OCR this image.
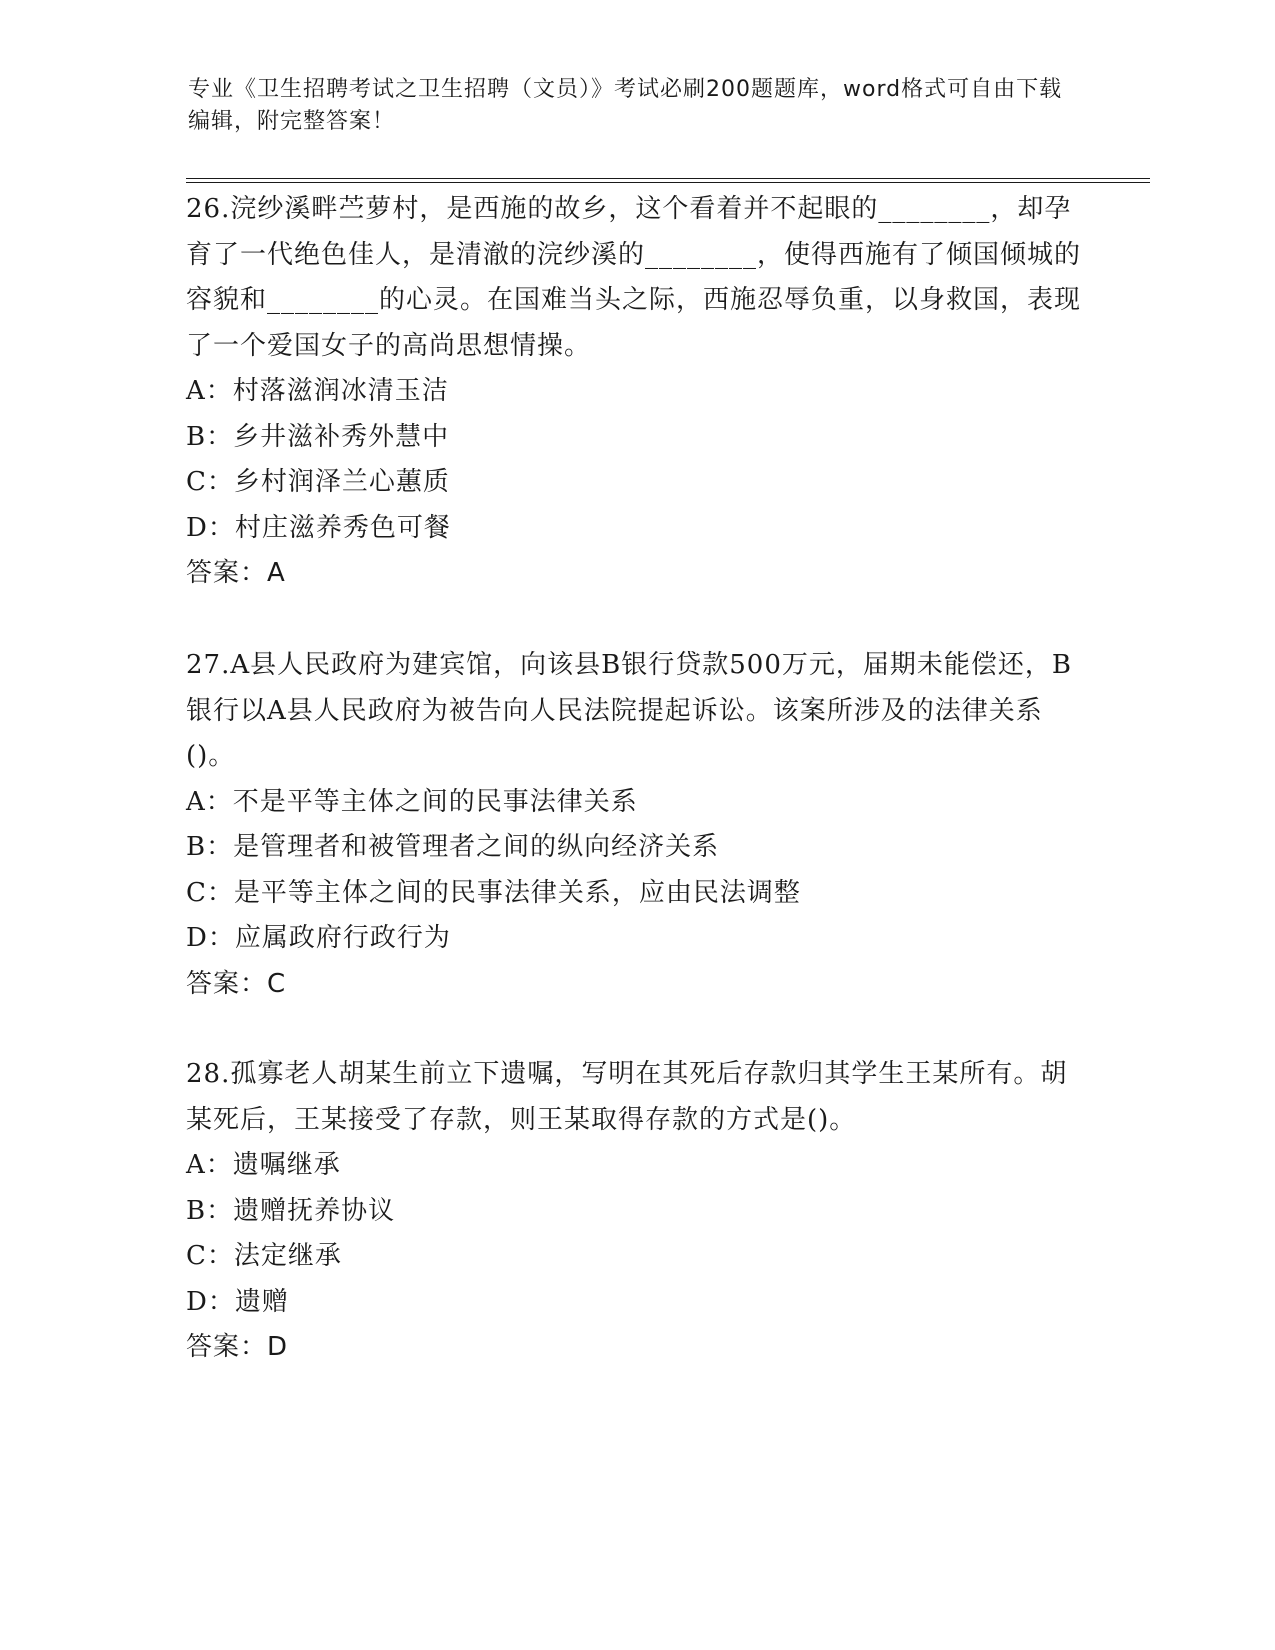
专业《卫生招聘考试之卫生招聘（文员）》考试必刷200题题库，word格式可自由下载编辑，附完整答案！

26.浣纱溪畔苎萝村，是西施的故乡，这个看着并不起眼的________，却孕育了一代绝色佳人，是清澈的浣纱溪的________，使得西施有了倾国倾城的容貌和________的心灵。在国难当头之际，西施忍辱负重，以身救国，表现了一个爱国女子的高尚思想情操。

A：村落滋润冰清玉洁

B：乡井滋补秀外慧中

C：乡村润泽兰心蕙质

D：村庄滋养秀色可餐

答案：A

27.A县人民政府为建宾馆，向该县B银行贷款500万元，届期未能偿还，B银行以A县人民政府为被告向人民法院提起诉讼。该案所涉及的法律关系()。

A：不是平等主体之间的民事法律关系

B：是管理者和被管理者之间的纵向经济关系

C：是平等主体之间的民事法律关系，应由民法调整

D：应属政府行政行为

答案：C

28.孤寡老人胡某生前立下遗嘱，写明在其死后存款归其学生王某所有。胡某死后，王某接受了存款，则王某取得存款的方式是()。

A：遗嘱继承

B：遗赠抚养协议

C：法定继承

D：遗赠

答案：D
